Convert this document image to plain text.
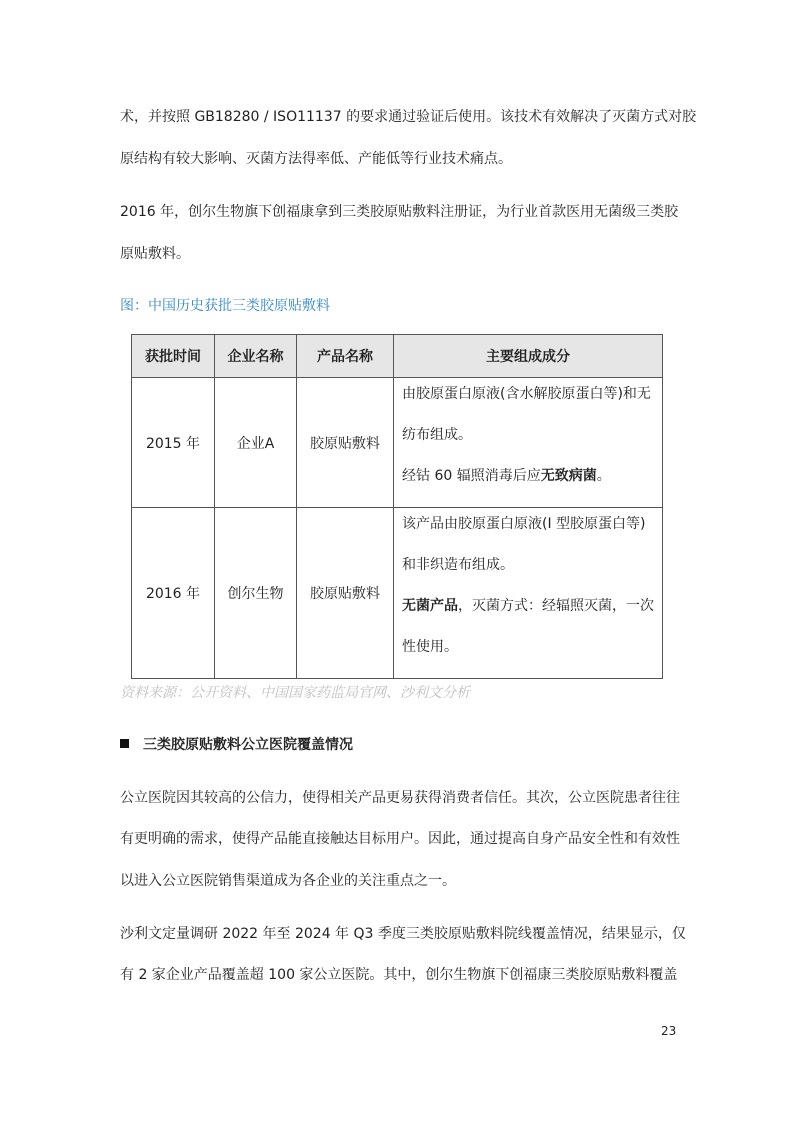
术，并按照 GB18280 / ISO11137 的要求通过验证后使用。该技术有效解决了灭菌方式对胶
原结构有较大影响、灭菌方法得率低、产能低等行业技术痛点。
2016 年，创尔生物旗下创福康拿到三类胶原贴敷料注册证，为行业首款医用无菌级三类胶
原贴敷料。
图：中国历史获批三类胶原贴敷料
获批时间	企业名称	产品名称	主要组成成分
2015 年	企业A	胶原贴敷料	由胶原蛋白原液(含水解胶原蛋白等)和无
纺布组成。
经钴 60 辐照消毒后应无致病菌。

2016 年	创尔生物	胶原贴敷料	该产品由胶原蛋白原液(I 型胶原蛋白等)
和非织造布组成。
无菌产品，灭菌方式：经辐照灭菌，一次
性使用。
资料来源：公开资料、中国国家药监局官网、沙利文分析
三类胶原贴敷料公立医院覆盖情况
公立医院因其较高的公信力，使得相关产品更易获得消费者信任。其次，公立医院患者往往
有更明确的需求，使得产品能直接触达目标用户。因此，通过提高自身产品安全性和有效性
以进入公立医院销售渠道成为各企业的关注重点之一。
沙利文定量调研 2022 年至 2024 年 Q3 季度三类胶原贴敷料院线覆盖情况，结果显示，仅
有 2 家企业产品覆盖超 100 家公立医院。其中，创尔生物旗下创福康三类胶原贴敷料覆盖
23
